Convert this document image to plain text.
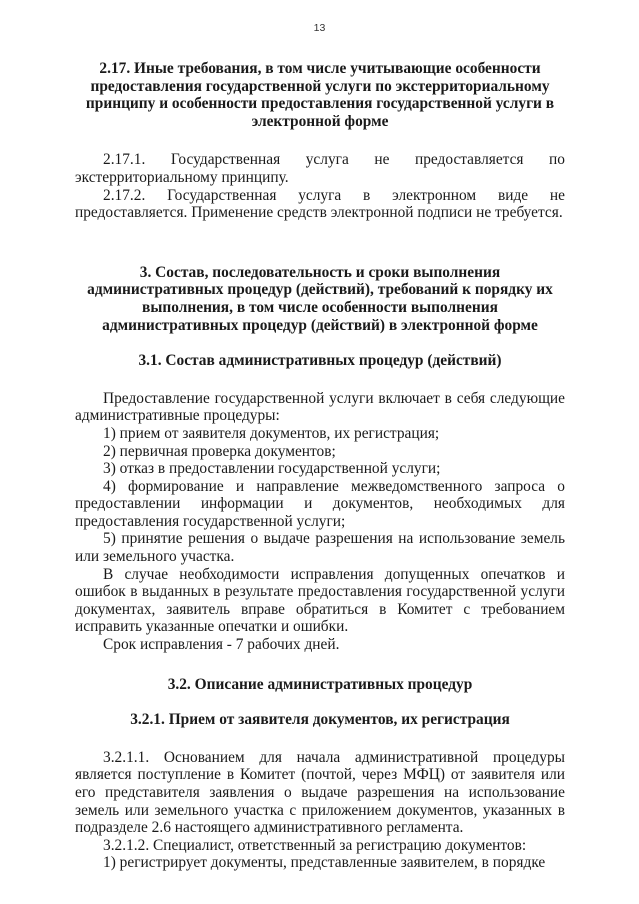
13

2.17. Иные требования, в том числе учитывающие особенности предоставления государственной услуги по экстерриториальному принципу и особенности предоставления государственной услуги в электронной форме

2.17.1. Государственная услуга не предоставляется по экстерриториальному принципу.

2.17.2. Государственная услуга в электронном виде не предоставляется. Применение средств электронной подписи не требуется.

3. Состав, последовательность и сроки выполнения административных процедур (действий), требований к порядку их выполнения, в том числе особенности выполнения административных процедур (действий) в электронной форме

3.1. Состав административных процедур (действий)

Предоставление государственной услуги включает в себя следующие административные процедуры:

1) прием от заявителя документов, их регистрация;

2) первичная проверка документов;

3) отказ в предоставлении государственной услуги;

4) формирование и направление межведомственного запроса о предоставлении информации и документов, необходимых для предоставления государственной услуги;

5) принятие решения о выдаче разрешения на использование земель или земельного участка.

В случае необходимости исправления допущенных опечатков и ошибок в выданных в результате предоставления государственной услуги документах, заявитель вправе обратиться в Комитет с требованием исправить указанные опечатки и ошибки.

Срок исправления - 7 рабочих дней.

3.2. Описание административных процедур

3.2.1. Прием от заявителя документов, их регистрация

3.2.1.1. Основанием для начала административной процедуры является поступление в Комитет (почтой, через МФЦ) от заявителя или его представителя заявления о выдаче разрешения на использование земель или земельного участка с приложением документов, указанных в подразделе 2.6 настоящего административного регламента.

3.2.1.2. Специалист, ответственный за регистрацию документов:

1) регистрирует документы, представленные заявителем, в порядке
